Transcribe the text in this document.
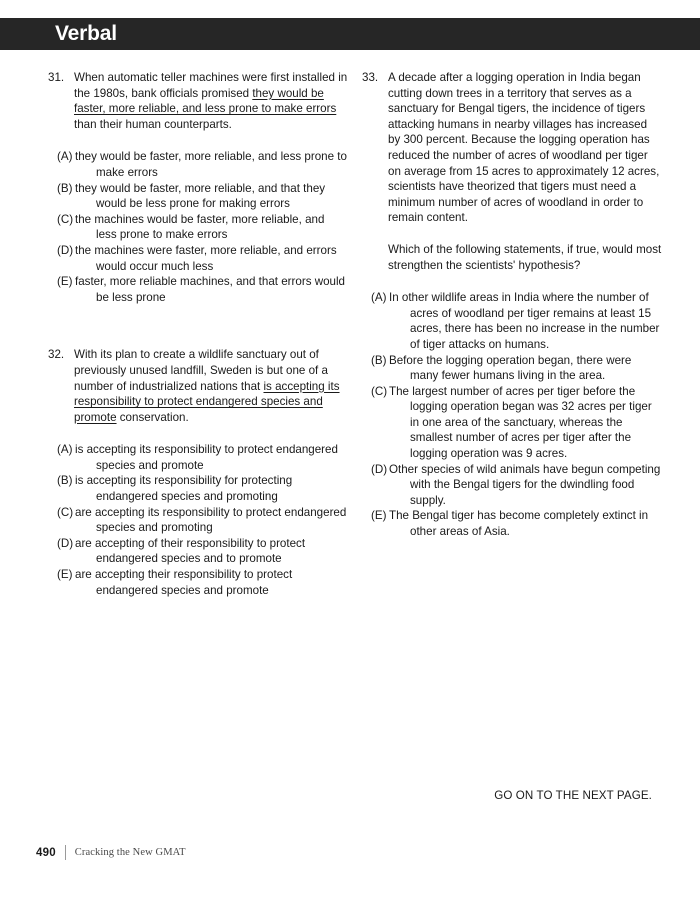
Verbal
31. When automatic teller machines were first installed in the 1980s, bank officials promised they would be faster, more reliable, and less prone to make errors than their human counterparts.
(A) they would be faster, more reliable, and less prone to make errors
(B) they would be faster, more reliable, and that they would be less prone for making errors
(C) the machines would be faster, more reliable, and less prone to make errors
(D) the machines were faster, more reliable, and errors would occur much less
(E) faster, more reliable machines, and that errors would be less prone
32. With its plan to create a wildlife sanctuary out of previously unused landfill, Sweden is but one of a number of industrialized nations that is accepting its responsibility to protect endangered species and promote conservation.
(A) is accepting its responsibility to protect endangered species and promote
(B) is accepting its responsibility for protecting endangered species and promoting
(C) are accepting its responsibility to protect endangered species and promoting
(D) are accepting of their responsibility to protect endangered species and to promote
(E) are accepting their responsibility to protect endangered species and promote
33. A decade after a logging operation in India began cutting down trees in a territory that serves as a sanctuary for Bengal tigers, the incidence of tigers attacking humans in nearby villages has increased by 300 percent. Because the logging operation has reduced the number of acres of woodland per tiger on average from 15 acres to approximately 12 acres, scientists have theorized that tigers must need a minimum number of acres of woodland in order to remain content.
Which of the following statements, if true, would most strengthen the scientists' hypothesis?
(A) In other wildlife areas in India where the number of acres of woodland per tiger remains at least 15 acres, there has been no increase in the number of tiger attacks on humans.
(B) Before the logging operation began, there were many fewer humans living in the area.
(C) The largest number of acres per tiger before the logging operation began was 32 acres per tiger in one area of the sanctuary, whereas the smallest number of acres per tiger after the logging operation was 9 acres.
(D) Other species of wild animals have begun competing with the Bengal tigers for the dwindling food supply.
(E) The Bengal tiger has become completely extinct in other areas of Asia.
GO ON TO THE NEXT PAGE.
490 Cracking the New GMAT
